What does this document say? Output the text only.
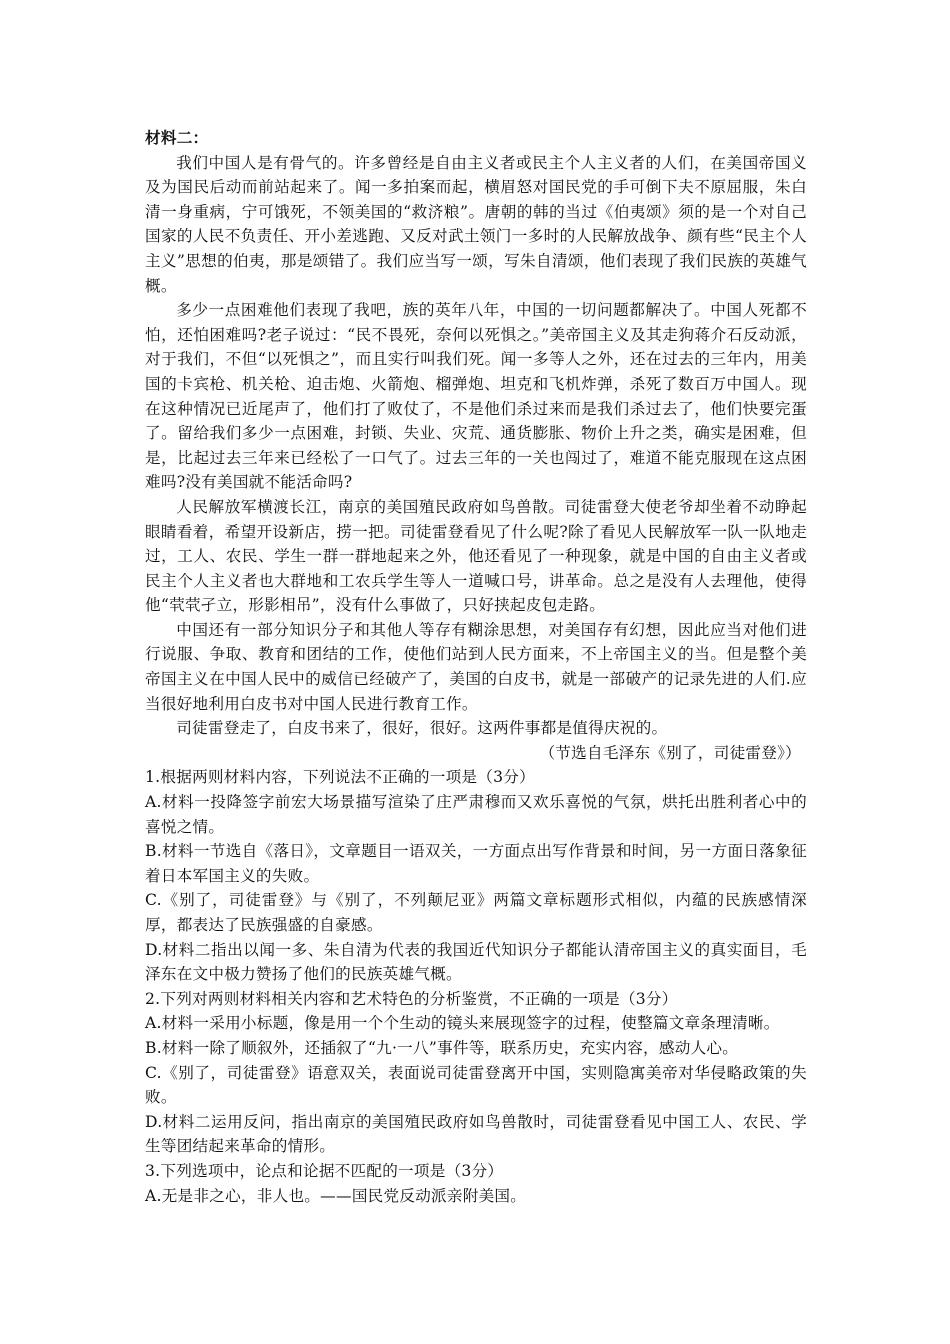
材料二：

我们中国人是有骨气的。许多曾经是自由主义者或民主个人主义者的人们，在美国帝国义及为国民后动而前站起来了。闻一多拍案而起，横眉怒对国民党的手可倒下夫不原屈服，朱白清一身重病，宁可饿死，不领美国的“救济粮”。唐朝的韩的当过《伯夷颂》须的是一个对自己国家的人民不负责任、开小差逃跑、又反对武土领门一多时的人民解放战争、颜有些“民主个人主义”思想的伯夷，那是颂错了。我们应当写一颂，写朱自清颂，他们表现了我们民族的英雄气概。

多少一点困难他们表现了我吧，族的英年八年，中国的一切问题都解决了。中国人死都不怕，还怕困难吗?老子说过：“民不畏死，奈何以死惧之。”美帝国主义及其走狗蒋介石反动派，对于我们，不但“以死惧之”，而且实行叫我们死。闻一多等人之外，还在过去的三年内，用美国的卡宾枪、机关枪、迫击炮、火箭炮、榴弹炮、坦克和飞机炸弹，杀死了数百万中国人。现在这种情况已近尾声了，他们打了败仗了，不是他们杀过来而是我们杀过去了，他们快要完蛋了。留给我们多少一点困难，封锁、失业、灾荒、通货膨胀、物价上升之类，确实是困难，但是，比起过去三年来已经松了一口气了。过去三年的一关也闯过了，难道不能克服现在这点困难吗?没有美国就不能活命吗?

人民解放军横渡长江，南京的美国殖民政府如鸟兽散。司徒雷登大使老爷却坐着不动睁起眼睛看着，希望开设新店，捞一把。司徒雷登看见了什么呢?除了看见人民解放军一队一队地走过，工人、农民、学生一群一群地起来之外，他还看见了一种现象，就是中国的自由主义者或民主个人主义者也大群地和工农兵学生等人一道喊口号，讲革命。总之是没有人去理他，使得他“茕茕孑立，形影相吊”，没有什么事做了，只好挟起皮包走路。

中国还有一部分知识分子和其他人等存有糊涂思想，对美国存有幻想，因此应当对他们进行说服、争取、教育和团结的工作，使他们站到人民方面来，不上帝国主义的当。但是整个美帝国主义在中国人民中的威信已经破产了，美国的白皮书，就是一部破产的记录先进的人们.应当很好地利用白皮书对中国人民进行教育工作。

司徒雷登走了，白皮书来了，很好，很好。这两件事都是值得庆祝的。

（节选自毛泽东《别了，司徒雷登》）

1.根据两则材料内容，下列说法不正确的一项是（3分）

A.材料一投降签字前宏大场景描写渲染了庄严肃穆而又欢乐喜悦的气氛，烘托出胜利者心中的喜悦之情。

B.材料一节选自《落日》，文章题目一语双关，一方面点出写作背景和时间，另一方面日落象征着日本军国主义的失败。

C.《别了，司徒雷登》与《别了，不列颠尼亚》两篇文章标题形式相似，内蕴的民族感情深厚，都表达了民族强盛的自豪感。

D.材料二指出以闻一多、朱自清为代表的我国近代知识分子都能认清帝国主义的真实面目，毛泽东在文中极力赞扬了他们的民族英雄气概。

2.下列对两则材料相关内容和艺术特色的分析鉴赏，不正确的一项是（3分）

A.材料一采用小标题，像是用一个个生动的镜头来展现签字的过程，使整篇文章条理清晰。

B.材料一除了顺叙外，还插叙了“九·一八”事件等，联系历史，充实内容，感动人心。

C.《别了，司徒雷登》语意双关，表面说司徒雷登离开中国，实则隐寓美帝对华侵略政策的失败。

D.材料二运用反问，指出南京的美国殖民政府如鸟兽散时，司徒雷登看见中国工人、农民、学生等团结起来革命的情形。

3.下列选项中，论点和论据不匹配的一项是（3分）

A.无是非之心，非人也。——国民党反动派亲附美国。
